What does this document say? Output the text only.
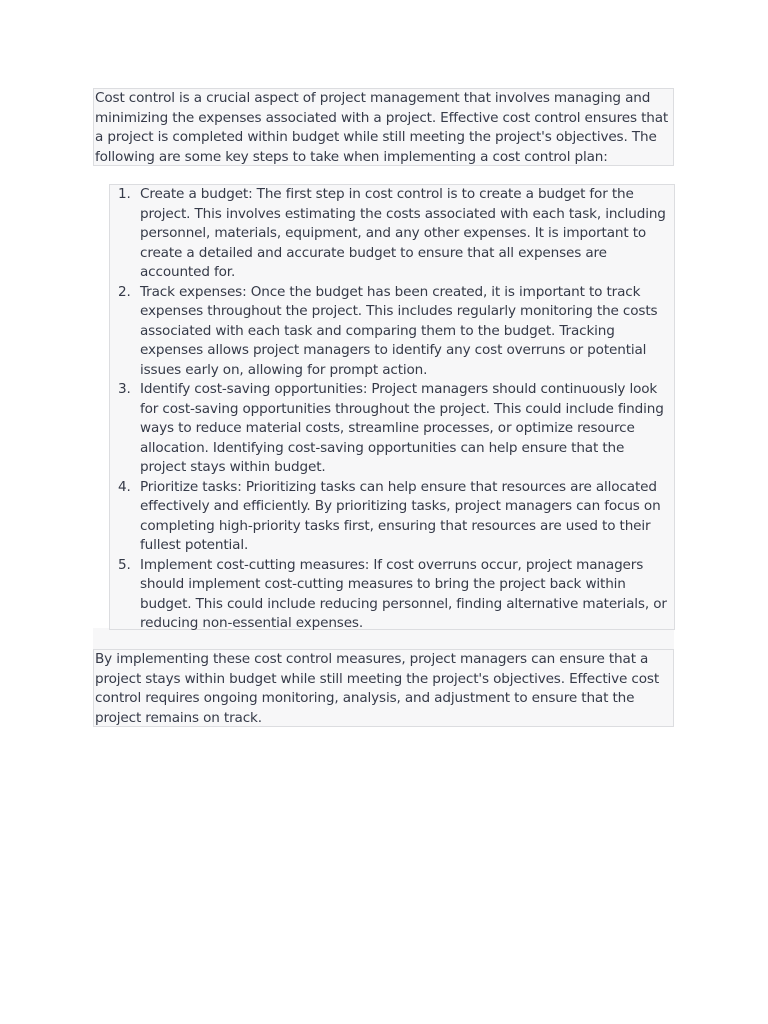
Cost control is a crucial aspect of project management that involves managing and minimizing the expenses associated with a project. Effective cost control ensures that a project is completed within budget while still meeting the project's objectives. The following are some key steps to take when implementing a cost control plan:

1. Create a budget: The first step in cost control is to create a budget for the project. This involves estimating the costs associated with each task, including personnel, materials, equipment, and any other expenses. It is important to create a detailed and accurate budget to ensure that all expenses are accounted for.
2. Track expenses: Once the budget has been created, it is important to track expenses throughout the project. This includes regularly monitoring the costs associated with each task and comparing them to the budget. Tracking expenses allows project managers to identify any cost overruns or potential issues early on, allowing for prompt action.
3. Identify cost-saving opportunities: Project managers should continuously look for cost-saving opportunities throughout the project. This could include finding ways to reduce material costs, streamline processes, or optimize resource allocation. Identifying cost-saving opportunities can help ensure that the project stays within budget.
4. Prioritize tasks: Prioritizing tasks can help ensure that resources are allocated effectively and efficiently. By prioritizing tasks, project managers can focus on completing high-priority tasks first, ensuring that resources are used to their fullest potential.
5. Implement cost-cutting measures: If cost overruns occur, project managers should implement cost-cutting measures to bring the project back within budget. This could include reducing personnel, finding alternative materials, or reducing non-essential expenses.

By implementing these cost control measures, project managers can ensure that a project stays within budget while still meeting the project's objectives. Effective cost control requires ongoing monitoring, analysis, and adjustment to ensure that the project remains on track.
